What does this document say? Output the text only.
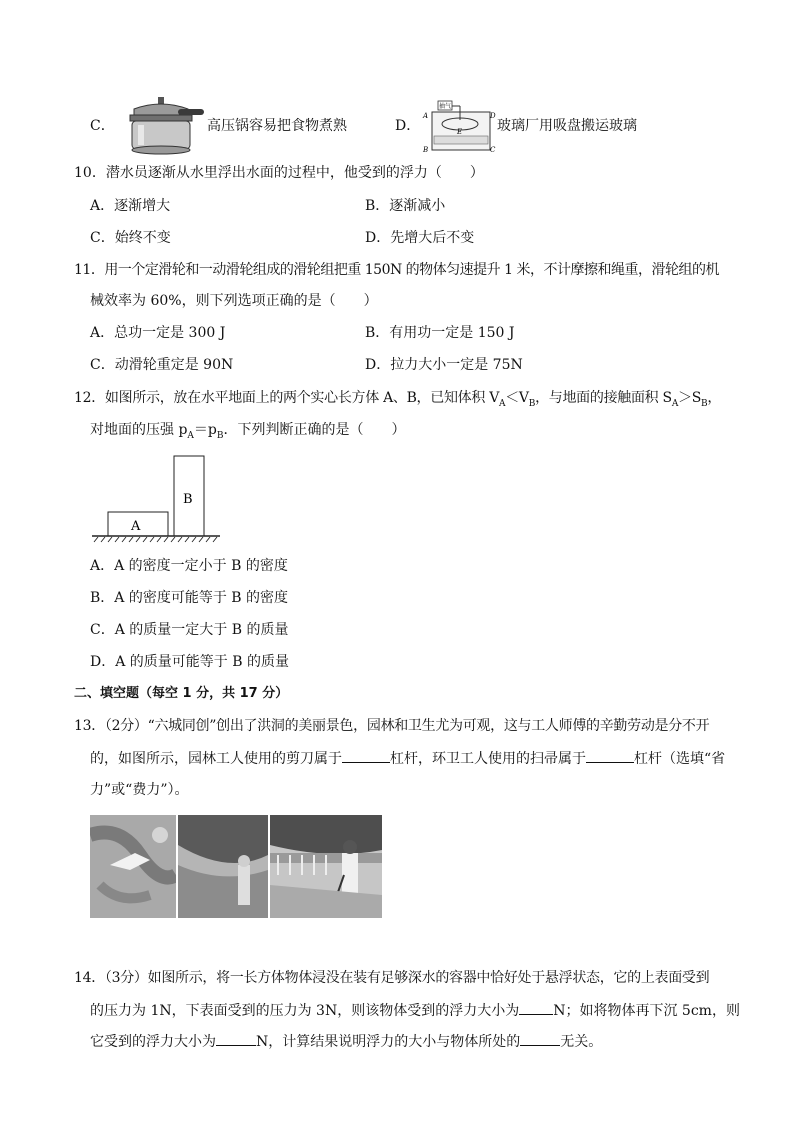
C．	高压锅容易把食物煮熟	D．
抽气
A
B	C
D
E 玻璃厂用吸盘搬运玻璃
10．潜水员逐渐从水里浮出水面的过程中，他受到的浮力（　　）
A．逐渐增大	B．逐渐减小
C．始终不变	D．先增大后不变
11．用一个定滑轮和一动滑轮组成的滑轮组把重 150N 的物体匀速提升 1 米，不计摩擦和绳重，滑轮组的机
械效率为 60%，则下列选项正确的是（　　）
A．总功一定是 300 J	B．有用功一定是 150 J
C．动滑轮重定是 90N	D．拉力大小一定是 75N
12．如图所示，放在水平地面上的两个实心长方体 A、B，已知体积 $V_A<V_B$，与地面的接触面积 $S_A>S_B$，
对地面的压强 $p_A=p_B$．下列判断正确的是（　　）
A
B
A．A 的密度一定小于 B 的密度
B．A 的密度可能等于 B 的密度
C．A 的质量一定大于 B 的质量
D．A 的质量可能等于 B 的质量
二、填空题（每空 1 分，共 17 分）
13．（2分）“六城同创”创出了洪洞的美丽景色，园林和卫生尤为可观，这与工人师傅的辛勤劳动是分不开
的，如图所示，园林工人使用的剪刀属于	杠杆，环卫工人使用的扫帚属于	杠杆（选填“省
力”或“费力”）。
14．（3分）如图所示，将一长方体物体浸没在装有足够深水的容器中恰好处于悬浮状态，它的上表面受到
的压力为 1N，下表面受到的压力为 3N，则该物体受到的浮力大小为 N；如将物体再下沉 5cm，则
它受到的浮力大小为	N，计算结果说明浮力的大小与物体所处的	无关。
